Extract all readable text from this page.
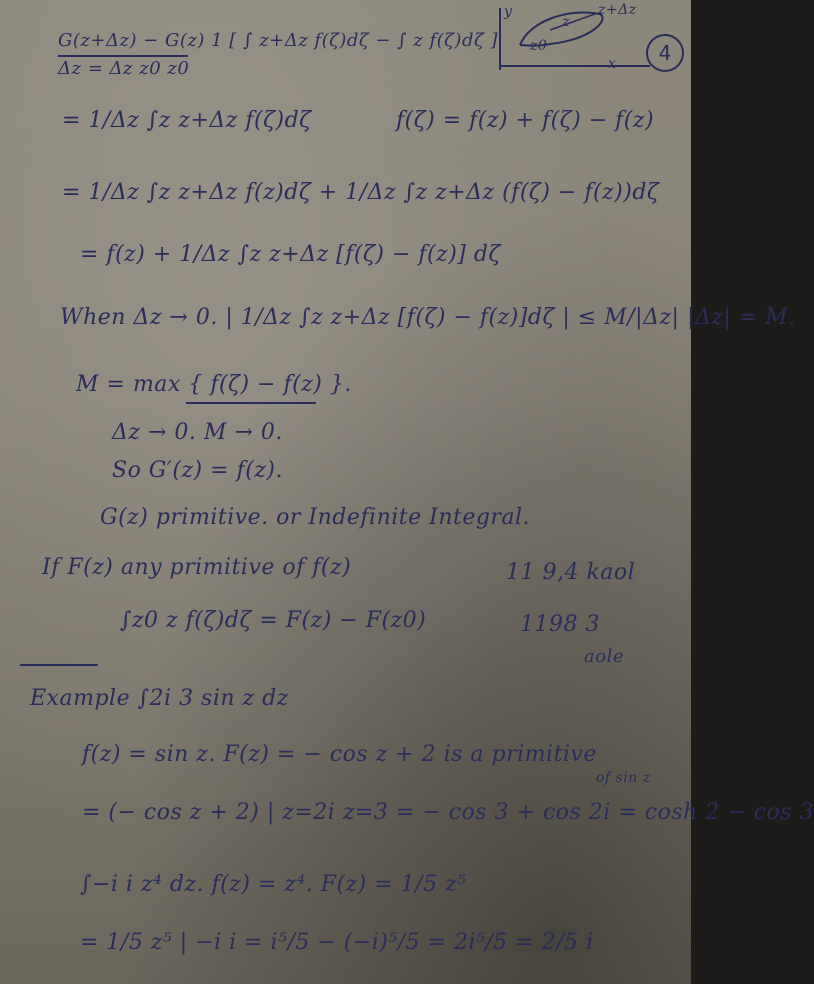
y
z
z0
z+Δz
x 4
G(z+Δz) − G(z) 1 [ ∫ z+Δz f(ζ)dζ − ∫ z f(ζ)dζ ]
Δz = Δz z0 z0
= 1/Δz ∫z z+Δz f(ζ)dζ	f(ζ) = f(z) + f(ζ) − f(z)
= 1/Δz ∫z z+Δz f(z)dζ + 1/Δz ∫z z+Δz (f(ζ) − f(z))dζ
= f(z) + 1/Δz ∫z z+Δz [f(ζ) − f(z)] dζ
When Δz → 0. | 1/Δz ∫z z+Δz [f(ζ) − f(z)]dζ | ≤ M/|Δz| |Δz| = M.
M = max { f(ζ) − f(z) }.
Δz → 0. M → 0.
So G′(z) = f(z).
G(z) primitive. or Indefinite Integral.
If F(z) any primitive of f(z)	11 9,4 kaol
∫z0 z f(ζ)dζ = F(z) − F(z0)	1198 3
aole
Example ∫2i 3 sin z dz
f(z) = sin z. F(z) = − cos z + 2 is a primitive
of sin z
= (− cos z + 2) | z=2i z=3 = − cos 3 + cos 2i = cosh 2 − cos 3
∫−i i z⁴ dz. f(z) = z⁴. F(z) = 1/5 z⁵
= 1/5 z⁵ | −i i = i⁵/5 − (−i)⁵/5 = 2i⁵/5 = 2/5 i
